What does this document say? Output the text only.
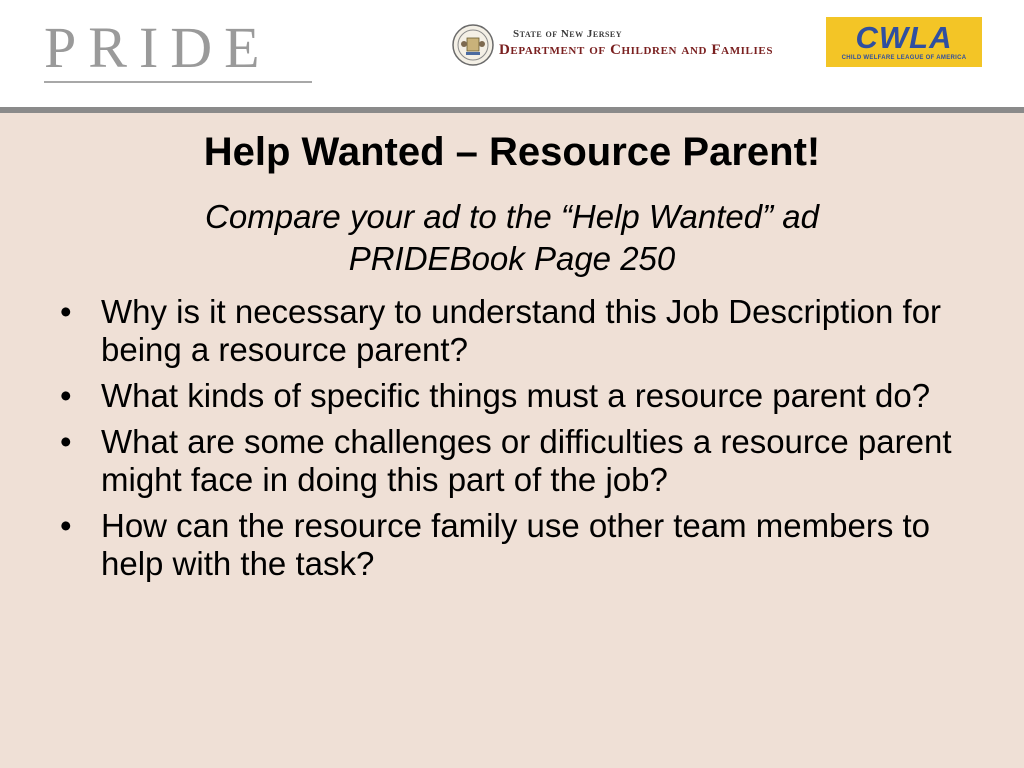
PRIDE	State of New Jersey
Department of Children and Families	CWLA
CHILD WELFARE LEAGUE OF AMERICA
Help Wanted – Resource Parent!
Compare your ad to the “Help Wanted” ad
PRIDEBook Page 250
• Why is it necessary to understand this Job Description for being a resource parent?
• What kinds of specific things must a resource parent do?
• What are some challenges or difficulties a resource parent might face in doing this part of the job?
• How can the resource family use other team members to help with the task?
